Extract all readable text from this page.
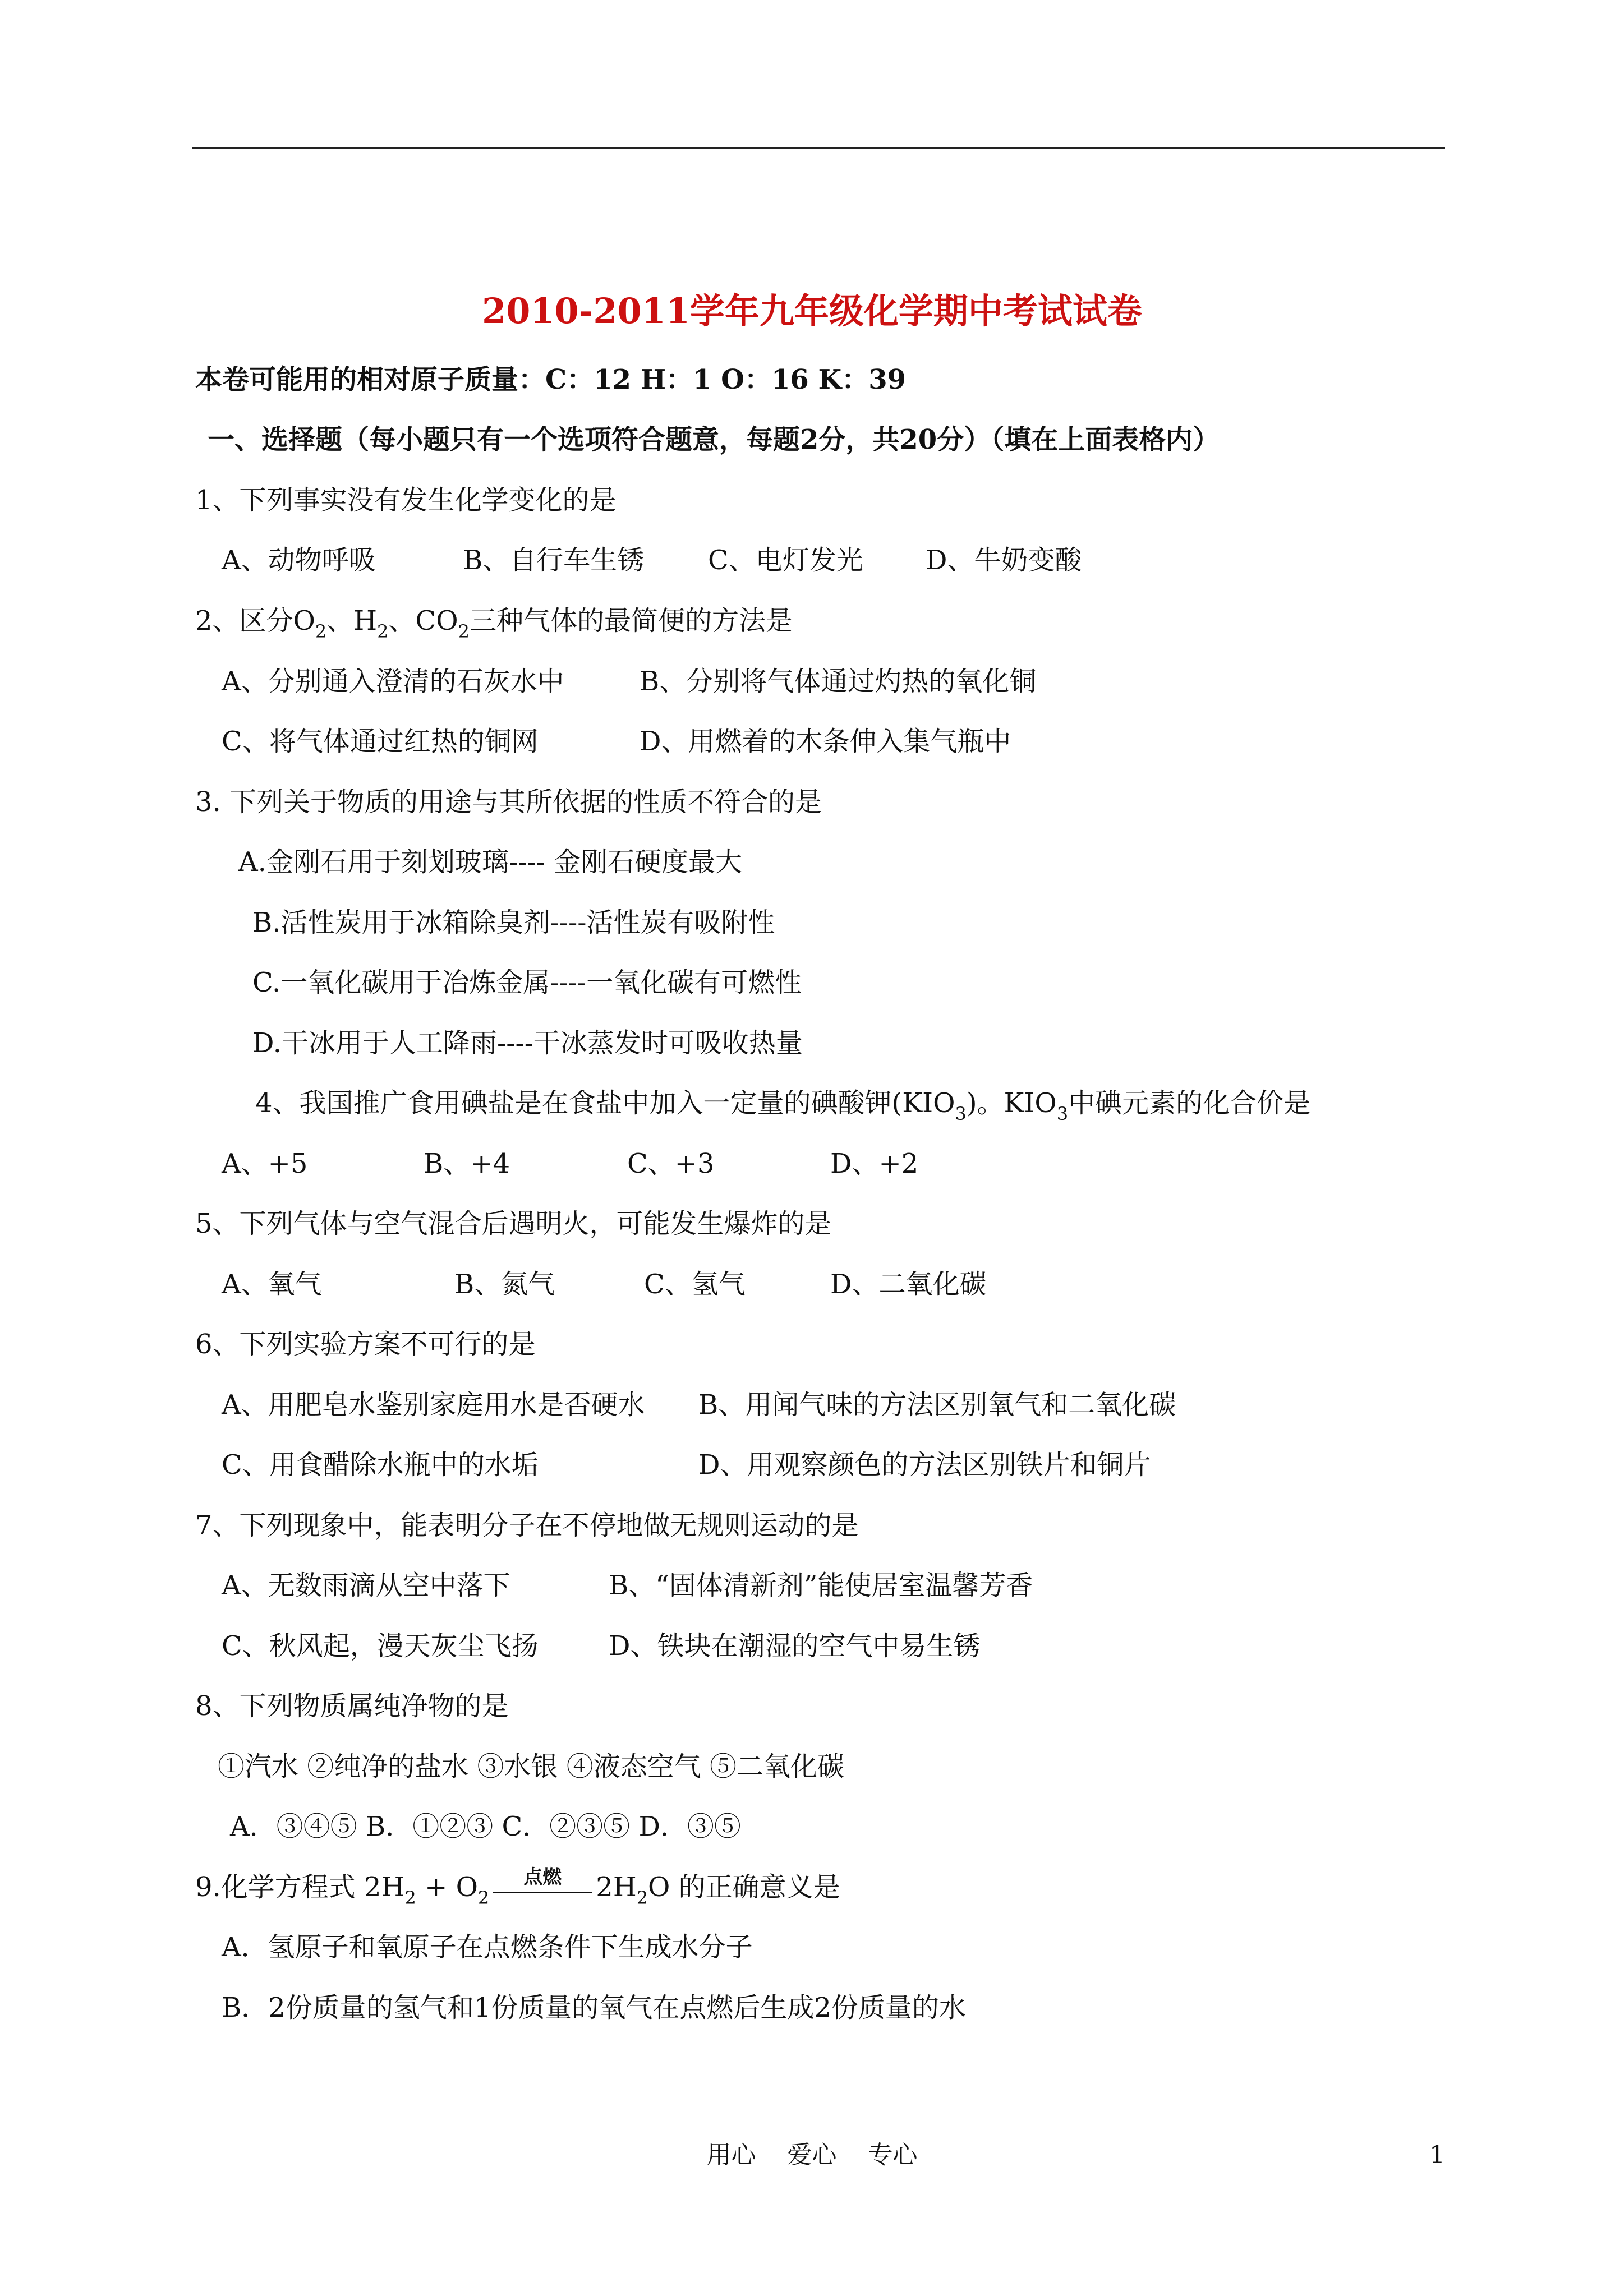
2010-2011学年九年级化学期中考试试卷
本卷可能用的相对原子质量：C：12 H：1 O：16 K：39
一、选择题（每小题只有一个选项符合题意，每题2分，共20分）（填在上面表格内）
1、下列事实没有发生化学变化的是
A、动物呼吸	B、自行车生锈 C、电灯发光 D、牛奶变酸
2、区分$O_2$、$H_2$、$CO_2$三种气体的最简便的方法是
A、分别通入澄清的石灰水中	B、分别将气体通过灼热的氧化铜
C、将气体通过红热的铜网	D、用燃着的木条伸入集气瓶中
3. 下列关于物质的用途与其所依据的性质不符合的是
A.金刚石用于刻划玻璃---- 金刚石硬度最大
B.活性炭用于冰箱除臭剂----活性炭有吸附性
C.一氧化碳用于冶炼金属----一氧化碳有可燃性
D.干冰用于人工降雨----干冰蒸发时可吸收热量
4、我国推广食用碘盐是在食盐中加入一定量的碘酸钾$(KIO_3)$。$KIO_3$中碘元素的化合价是
A、+5	B、+4	C、+3	D、+2
5、下列气体与空气混合后遇明火，可能发生爆炸的是
A、氧气	B、氮气	C、氢气	D、二氧化碳
6、下列实验方案不可行的是
A、用肥皂水鉴别家庭用水是否硬水 B、用闻气味的方法区别氧气和二氧化碳
C、用食醋除水瓶中的水垢	D、用观察颜色的方法区别铁片和铜片
7、下列现象中，能表明分子在不停地做无规则运动的是
A、无数雨滴从空中落下	B、“固体清新剂”能使居室温馨芳香
C、秋风起，漫天灰尘飞扬	D、铁块在潮湿的空气中易生锈
8、下列物质属纯净物的是
①汽水 ②纯净的盐水 ③水银 ④液态空气 ⑤二氧化碳
A．③④⑤ B．①②③ C．②③⑤ D．③⑤
9.化学方程式 $2H_2 + O_2$
点燃	$2H_2O$ 的正确意义是
A．氢原子和氧原子在点燃条件下生成水分子
B．2份质量的氢气和1份质量的氧气在点燃后生成2份质量的水
用心 爱心 专心	1
